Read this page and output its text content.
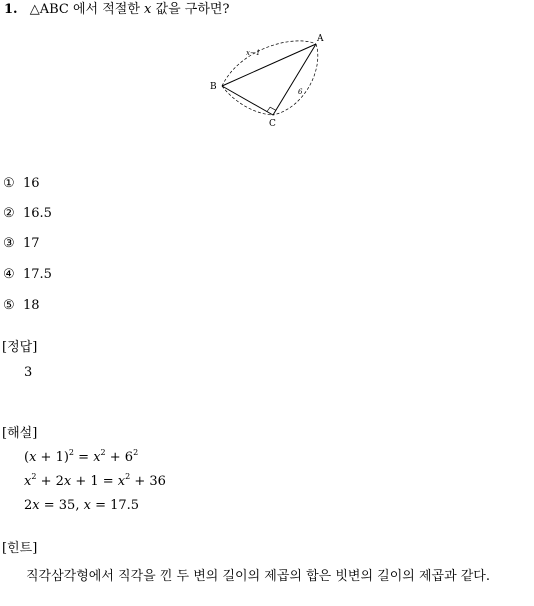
1. △ABC 에서 적절한 x 값을 구하면?
A
B
C
x−1
6
① 16
② 16.5
③ 17
④ 17.5
⑤ 18
[정답]
3
[해설]
$(x + 1)^2 = x^2 + 6^2$
$x^2 + 2x + 1 = x^2 + 36$
2x = 35, x = 17.5
[힌트]
직각삼각형에서 직각을 낀 두 변의 길이의 제곱의 합은 빗변의 길이의 제곱과 같다.
